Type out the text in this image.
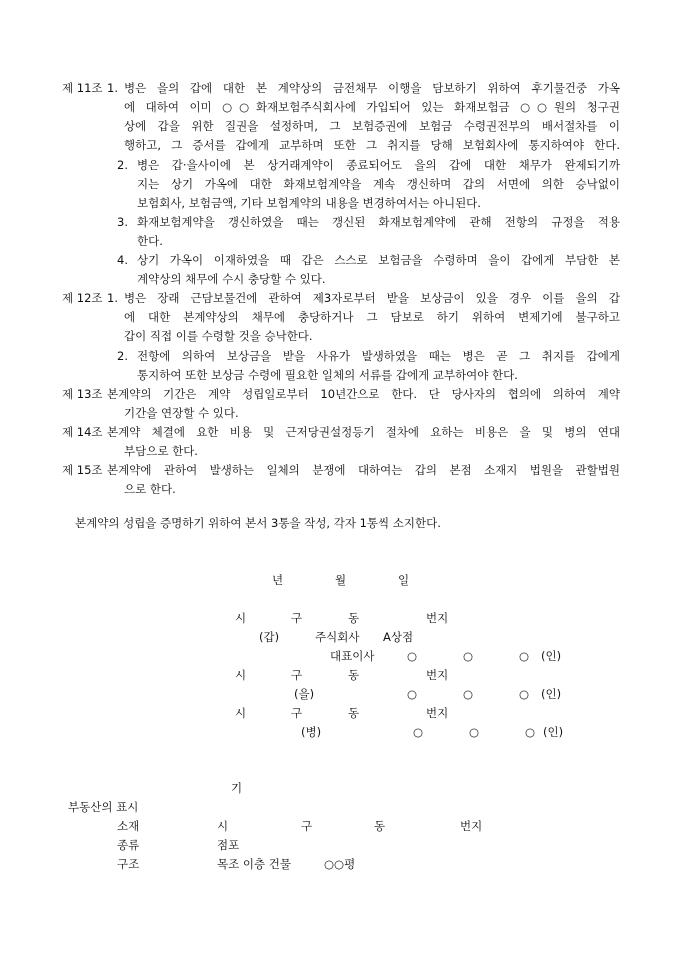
제 11조 1. 병은 을의 갑에 대한 본 계약상의 금전채무 이행을 담보하기 위하여 후기물건중 가옥
에 대하여 이미 ○○화재보험주식회사에 가입되어 있는 화재보험금 ○○원의 청구권
상에 갑을 위한 질권을 설정하며, 그 보험증권에 보험금 수령권전부의 배서절차를 이
행하고, 그 증서를 갑에게 교부하며 또한 그 취지를 당해 보험회사에 통지하여야 한다.
2. 병은 갑·을사이에 본 상거래계약이 종료되어도 을의 갑에 대한 채무가 완제되기까
지는 상기 가옥에 대한 화재보험계약을 계속 갱신하며 갑의 서면에 의한 승낙없이
보험회사, 보험금액, 기타 보험계약의 내용을 변경하여서는 아니된다.
3. 화재보험계약을 갱신하였을 때는 갱신된 화재보험계약에 관해 전항의 규정을 적용
한다.
4. 상기 가옥이 이재하였을 때 갑은 스스로 보험금을 수령하며 을이 갑에게 부담한 본
계약상의 채무에 수시 충당할 수 있다.
제 12조 1. 병은 장래 근담보물건에 관하여 제3자로부터 받을 보상금이 있을 경우 이를 을의 갑
에 대한 본계약상의 채무에 충당하거나 그 담보로 하기 위하여 변제기에 불구하고
갑이 직접 이를 수령할 것을 승낙한다.
2. 전항에 의하여 보상금을 받을 사유가 발생하였을 때는 병은 곧 그 취지를 갑에게
통지하여 또한 보상금 수령에 필요한 일체의 서류를 갑에게 교부하여야 한다.
제 13조 본계약의 기간은 계약 성립일로부터 10년간으로 한다. 단 당사자의 협의에 의하여 계약
기간을 연장할 수 있다.
제 14조 본계약 체결에 요한 비용 및 근저당권설정등기 절차에 요하는 비용은 을 및 병의 연대
부담으로 한다.
제 15조 본계약에 관하여 발생하는 일체의 분쟁에 대하여는 갑의 본점 소재지 법원을 관할법원
으로 한다.
본계약의 성립을 증명하기 위하여 본서 3통을 작성, 각자 1통씩 소지한다.
년	월	일
시	구	동	번지
(갑)	주식회사 A상점
대표이사	○	○	○ (인)
시	구	동	번지
(을)	○	○	○ (인)
시	구	동	번지
(병)	○	○	○ (인)
기
부동산의 표시
소재	시	구	동	번지
종류	점포
구조	목조 이층 건물	○○평
